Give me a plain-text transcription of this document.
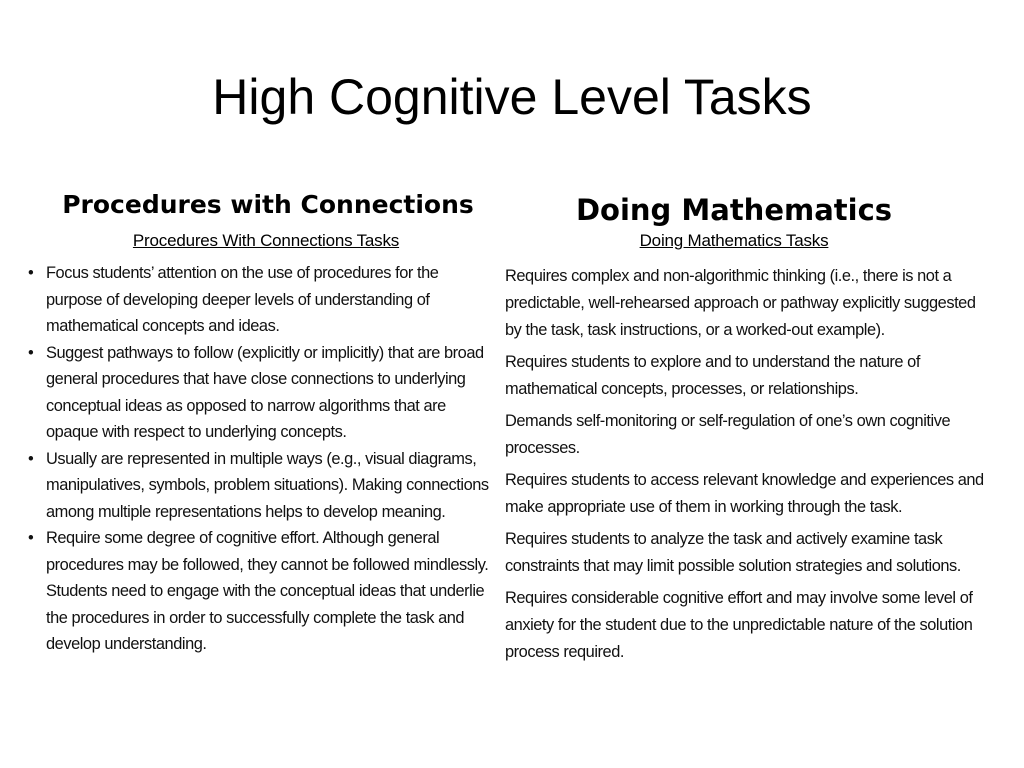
High Cognitive Level Tasks
Procedures with Connections
Procedures With Connections Tasks
• Focus students’ attention on the use of procedures for the purpose of developing deeper levels of understanding of mathematical concepts and ideas.
• Suggest pathways to follow (explicitly or implicitly) that are broad general procedures that have close connections to underlying conceptual ideas as opposed to narrow algorithms that are opaque with respect to underlying concepts.
• Usually are represented in multiple ways (e.g., visual diagrams, manipulatives, symbols, problem situations). Making connections among multiple representations helps to develop meaning.
• Require some degree of cognitive effort. Although general procedures may be followed, they cannot be followed mindlessly. Students need to engage with the conceptual ideas that underlie the procedures in order to successfully complete the task and develop understanding.
Doing Mathematics
Doing Mathematics Tasks
Requires complex and non-algorithmic thinking (i.e., there is not a predictable, well-rehearsed approach or pathway explicitly suggested by the task, task instructions, or a worked-out example).
Requires students to explore and to understand the nature of mathematical concepts, processes, or relationships.
Demands self-monitoring or self-regulation of one’s own cognitive processes.
Requires students to access relevant knowledge and experiences and make appropriate use of them in working through the task.
Requires students to analyze the task and actively examine task constraints that may limit possible solution strategies and solutions.
Requires considerable cognitive effort and may involve some level of anxiety for the student due to the unpredictable nature of the solution process required.
